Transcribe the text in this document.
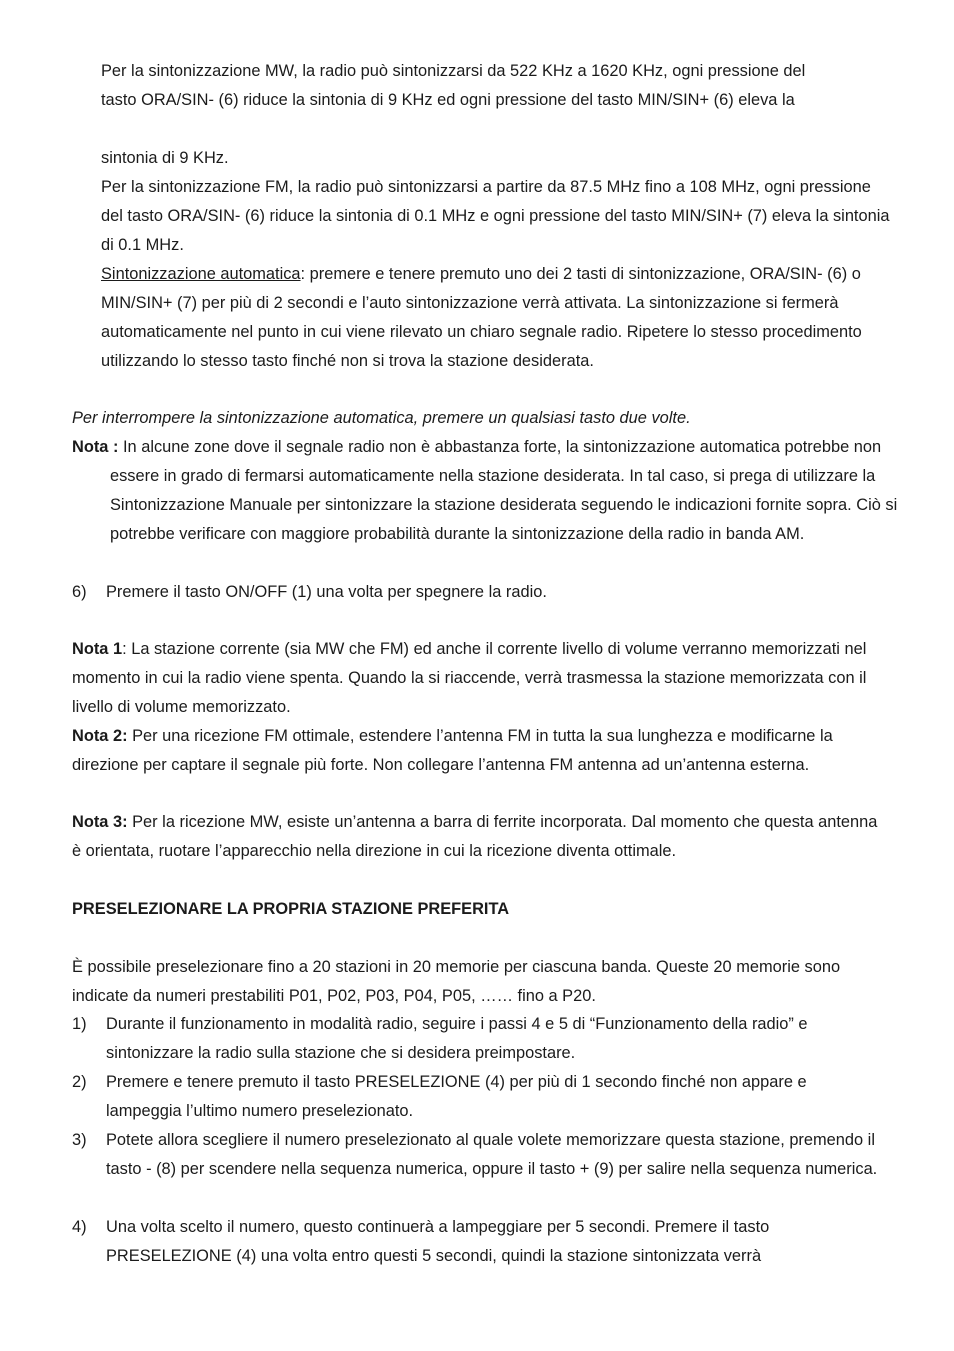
Per la sintonizzazione MW, la radio può sintonizzarsi da 522 KHz a 1620 KHz, ogni pressione del
tasto ORA/SIN- (6) riduce la sintonia di 9 KHz ed ogni pressione del tasto MIN/SIN+ (6) eleva la
sintonia di 9 KHz.

Per la sintonizzazione FM, la radio può sintonizzarsi a partire da 87.5 MHz fino a 108 MHz, ogni pressione del tasto ORA/SIN- (6) riduce la sintonia di 0.1 MHz e ogni pressione del tasto MIN/SIN+ (7) eleva la sintonia di 0.1 MHz.

Sintonizzazione automatica: premere e tenere premuto uno dei 2 tasti di sintonizzazione, ORA/SIN- (6) o MIN/SIN+ (7) per più di 2 secondi e l’auto sintonizzazione verrà attivata. La sintonizzazione si fermerà automaticamente nel punto in cui viene rilevato un chiaro segnale radio. Ripetere lo stesso procedimento utilizzando lo stesso tasto finché non si trova la stazione desiderata.

Per interrompere la sintonizzazione automatica, premere un qualsiasi tasto due volte.

Nota : In alcune zone dove il segnale radio non è abbastanza forte, la sintonizzazione automatica potrebbe non essere in grado di fermarsi automaticamente nella stazione desiderata. In tal caso, si prega di utilizzare la Sintonizzazione Manuale per sintonizzare la stazione desiderata seguendo le indicazioni fornite sopra. Ciò si potrebbe verificare con maggiore probabilità durante la sintonizzazione della radio in banda AM.

6)	Premere il tasto ON/OFF (1) una volta per spegnere la radio.

Nota 1: La stazione corrente (sia MW che FM) ed anche il corrente livello di volume verranno memorizzati nel momento in cui la radio viene spenta. Quando la si riaccende, verrà trasmessa la stazione memorizzata con il livello di volume memorizzato.

Nota 2: Per una ricezione FM ottimale, estendere l’antenna FM in tutta la sua lunghezza e modificarne la direzione per captare il segnale più forte. Non collegare l’antenna FM antenna ad un’antenna esterna.

Nota 3: Per la ricezione MW, esiste un’antenna a barra di ferrite incorporata. Dal momento che questa antenna è orientata, ruotare l’apparecchio nella direzione in cui la ricezione diventa ottimale.

PRESELEZIONARE LA PROPRIA STAZIONE PREFERITA

È possibile preselezionare fino a 20 stazioni in 20 memorie per ciascuna banda. Queste 20 memorie sono indicate da numeri prestabiliti P01, P02, P03, P04, P05, …… fino a P20.

1)	Durante il funzionamento in modalità radio, seguire i passi 4 e 5 di “Funzionamento della radio” e sintonizzare la radio sulla stazione che si desidera preimpostare.
2)	Premere e tenere premuto il tasto PRESELEZIONE (4) per più di 1 secondo finché non appare e lampeggia l’ultimo numero preselezionato.
3)	Potete allora scegliere il numero preselezionato al quale volete memorizzare questa stazione, premendo il tasto - (8) per scendere nella sequenza numerica, oppure il tasto + (9) per salire nella sequenza numerica.
4)	Una volta scelto il numero, questo continuerà a lampeggiare per 5 secondi. Premere il tasto PRESELEZIONE (4) una volta entro questi 5 secondi, quindi la stazione sintonizzata verrà
